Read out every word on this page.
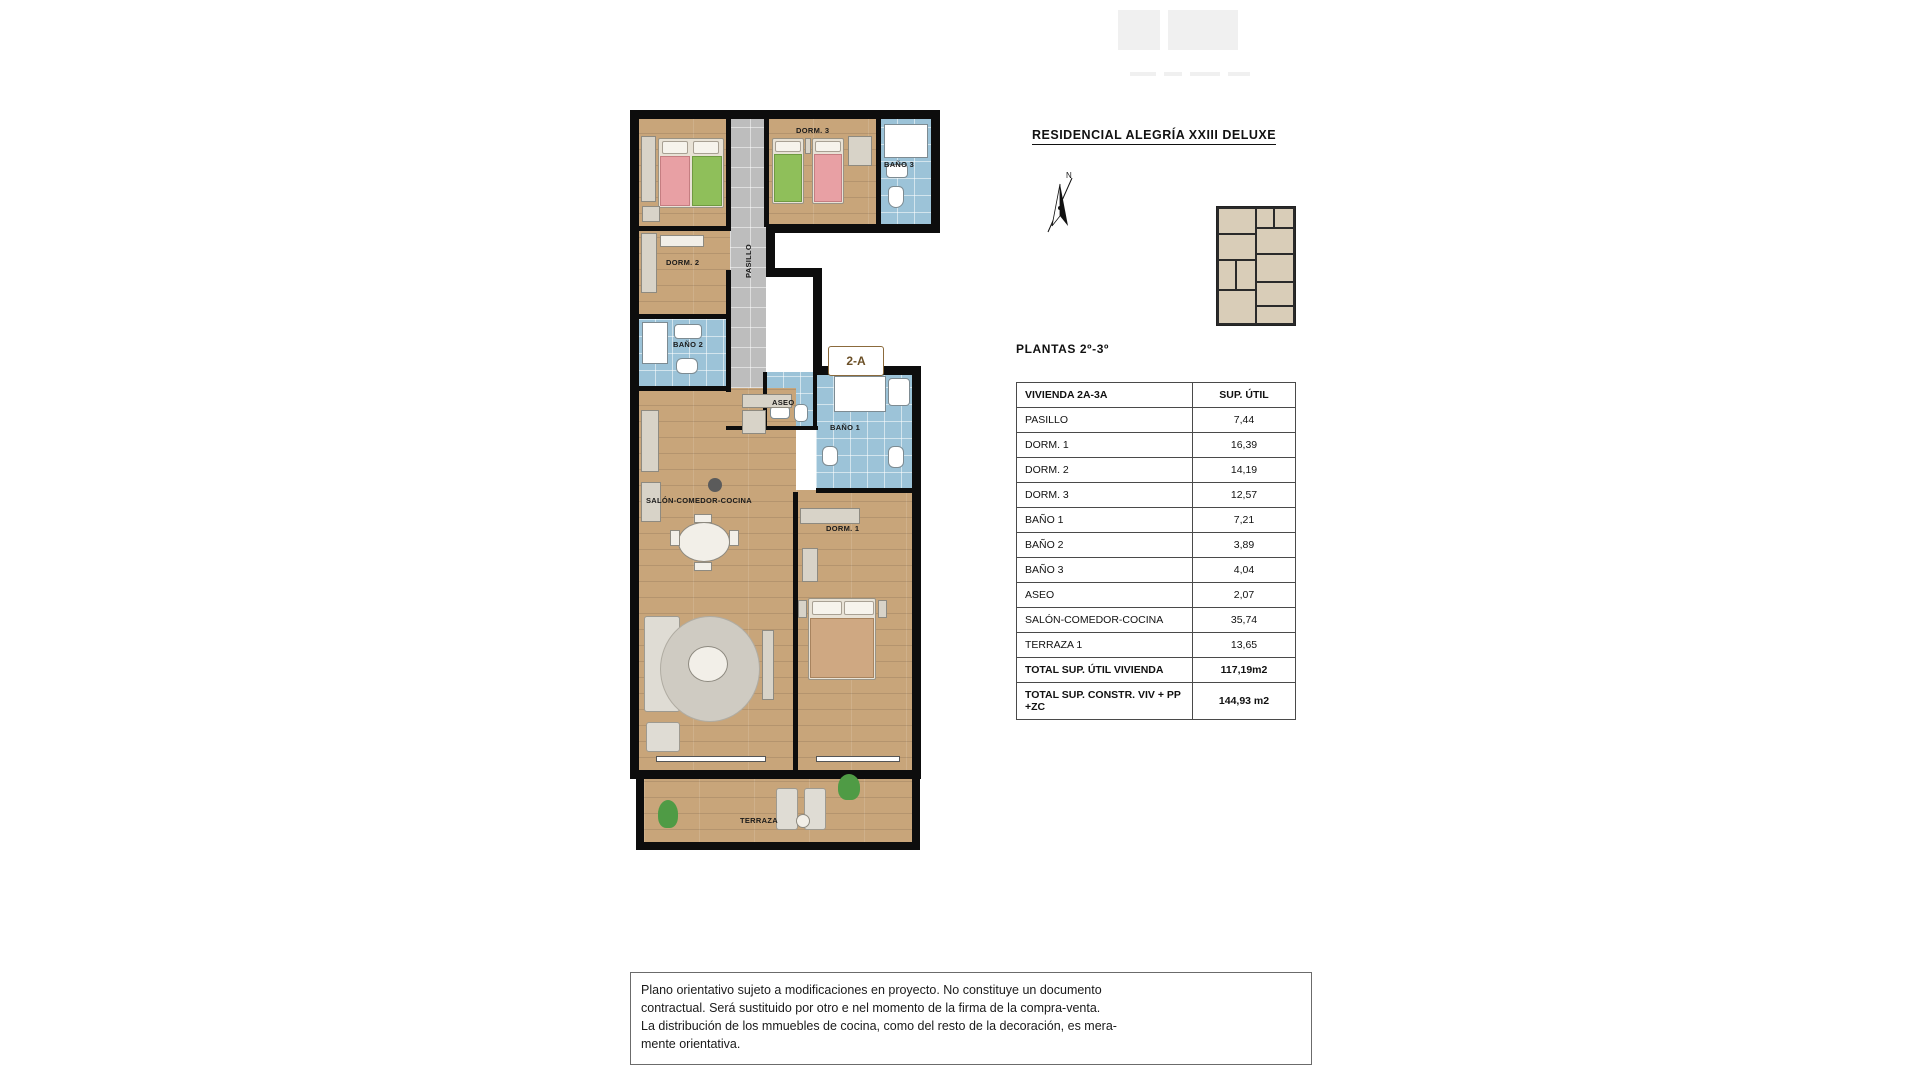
DORM. 3
BAÑO 3
DORM. 2	PASILLO
BAÑO 2
ASEO
BAÑO 1
SALÓN-COMEDOR-COCINA
DORM. 1
TERRAZA
2-A
RESIDENCIAL ALEGRÍA XXIII DELUXE
N
PLANTAS 2º-3º
VIVIENDA 2A-3A	SUP. ÚTIL
PASILLO	7,44
DORM. 1	16,39
DORM. 2	14,19
DORM. 3	12,57
BAÑO 1	7,21
BAÑO 2	3,89
BAÑO 3	4,04
ASEO	2,07
SALÓN-COMEDOR-COCINA	35,74
TERRAZA 1	13,65
TOTAL SUP. ÚTIL VIVIENDA	117,19m2
TOTAL SUP. CONSTR. VIV + PP +ZC	144,93 m2
Plano orientativo sujeto a modificaciones en proyecto. No constituye un documento
contractual. Será sustituido por otro e nel momento de la firma de la compra-venta.
La distribución de los mmuebles de cocina, como del resto de la decoración, es mera-
mente orientativa.
